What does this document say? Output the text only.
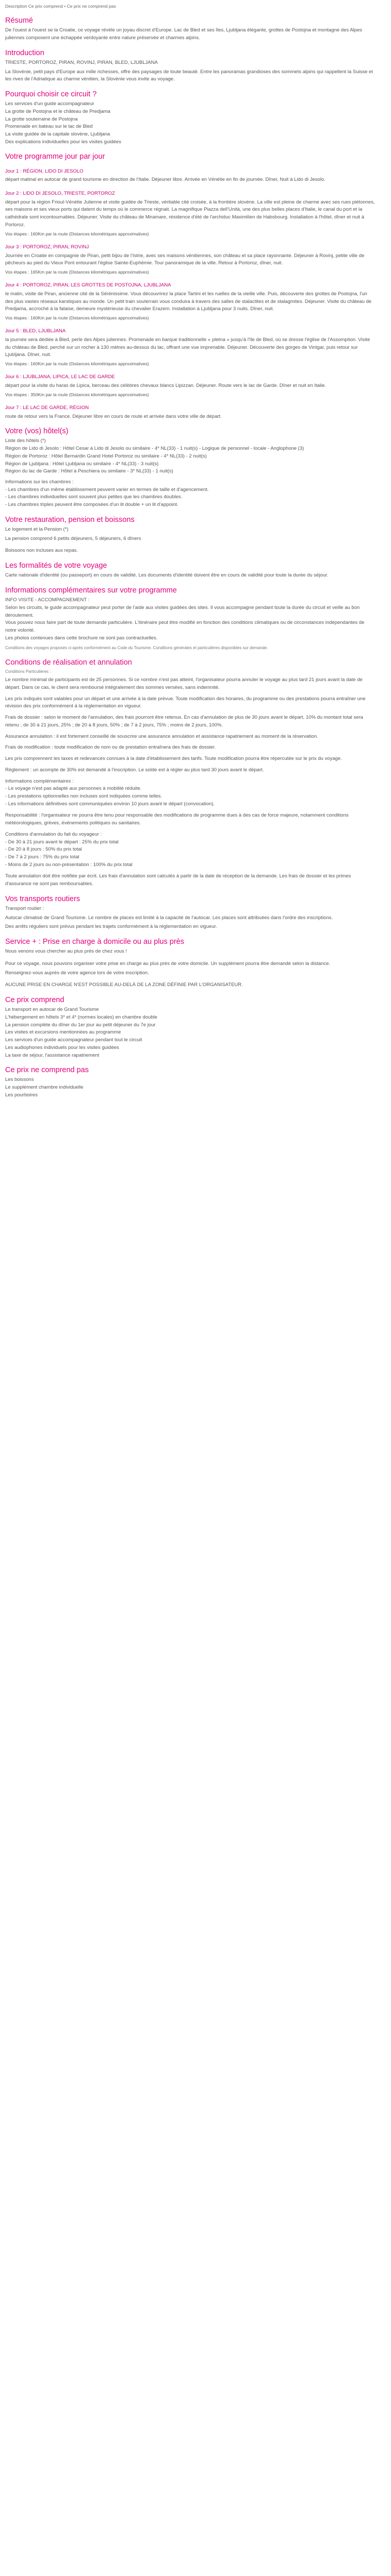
Description Ce prix comprend • Ce prix ne comprend pas
Résumé

De l'ouest à l'ouest se la Croatie, ce voyage révèle un joyau discret d'Europe. Lac de Bled et ses îles, Ljubljana élégante, grottes de Postojna et montagne des Alpes juliennes composent une échappée verdoyante entre nature préservée et charmes alpins.

Introduction

TRIESTE, PORTOROZ, PIRAN, ROVINJ, PIRAN, BLED, LJUBLJANA

La Slovénie, petit pays d'Europe aux mille richesses, offre des paysages de toute beauté. Entre les panoramas grandioses des sommets alpins qui rappellent la Suisse et les rives de l'Adriatique au charme vénitien, la Slovénie vous invite au voyage.

Pourquoi choisir ce circuit ?
Les services d'un guide accompagnateur
La grotte de Postojna et le château de Predjama
La grotte souterraine de Postojna
Promenade en bateau sur le lac de Bled
La visite guidée de la capitale slovène, Ljubljana
Des explications individuelles pour les visites guidées
Votre programme jour par jour
Jour 1 : RÉGION, LIDO DI JESOLO

départ matinal en autocar de grand tourisme en direction de l'Italie. Déjeuner libre. Arrivée en Vénétie en fin de journée. Dîner, Nuit à Lido di Jesolo.

Jour 2 : LIDO DI JESOLO, TRIESTE, PORTOROZ

départ pour la région Frioul-Vénétie Julienne et visite guidée de Trieste, véritable cité croisée, à la frontière slovène. La ville est pleine de charme avec ses rues piétonnes, ses maisons et ses vieux ports qui datent du temps où le commerce régnait. La magnifique Piazza dell'Unità, une des plus belles places d'Italie, le canal du port et la cathédrale sont incontournables. Déjeuner. Visite du château de Miramare, résidence d'été de l'archiduc Maximilien de Habsbourg. Installation à l'hôtel, dîner et nuit à Portoroz.

Vos étapes : 160Km par la route (Distances kilométriques approximatives)

Jour 3 : PORTOROZ, PIRAN, ROVINJ

Journée en Croatie en compagnie de Piran, petit bijou de l'Istrie, avec ses maisons vénitiennes, son château et sa place rayonnante. Déjeuner à Rovinj, petite ville de pêcheurs au pied du Vieux Pont entourant l'église Sainte-Euphémie. Tour panoramique de la ville. Retour à Portoroz, dîner, nuit.

Vos étapes : 165Km par la route (Distances kilométriques approximatives)

Jour 4 : PORTOROZ, PIRAN, LES GROTTES DE POSTOJNA, LJUBLJANA

le matin, visite de Piran, ancienne cité de la Sérénissime. Vous découvrirez la place Tartini et les ruelles de la vieille ville. Puis, découverte des grottes de Postojna, l'un des plus vastes réseaux karstiques au monde. Un petit train souterrain vous conduira à travers des salles de stalactites et de stalagmites. Déjeuner. Visite du château de Predjama, accroché à la falaise, demeure mystérieuse du chevalier Erazem. Installation à Ljubljana pour 3 nuits. Dîner, nuit.

Vos étapes : 160Km par la route (Distances kilométriques approximatives)

Jour 5 : BLED, LJUBLJANA

la journée sera dédiée à Bled, perle des Alpes juliennes. Promenade en barque traditionnelle « pletna » jusqu'à l'île de Bled, où se dresse l'église de l'Assomption. Visite du château de Bled, perché sur un rocher à 130 mètres au-dessus du lac, offrant une vue imprenable. Déjeuner. Découverte des gorges de Vintgar, puis retour sur Ljubljana. Dîner, nuit.

Vos étapes : 160Km par la route (Distances kilométriques approximatives)

Jour 6 : LJUBLJANA, LIPICA, LE LAC DE GARDE

départ pour la visite du haras de Lipica, berceau des célèbres chevaux blancs Lipizzan. Déjeuner. Route vers le lac de Garde. Dîner et nuit en Italie.

Vos étapes : 350Km par la route (Distances kilométriques approximatives)

Jour 7 : LE LAC DE GARDE, RÉGION

route de retour vers la France. Déjeuner libre en cours de route et arrivée dans votre ville de départ.

Votre (vos) hôtel(s)
Liste des hôtels (*)
Région de Lido di Jesolo : Hôtel Cesar à Lido di Jesolo ou similaire - 4* NL(33) - 1 nuit(s) - Logique de personnel - locale - Anglophone (3)
Région de Portoroz : Hôtel Bernardin Grand Hotel Portoroz ou similaire - 4* NL(33) - 2 nuit(s)
Région de Ljubljana : Hôtel Ljubljana ou similaire - 4* NL(33) - 3 nuit(s)
Région du lac de Garde : Hôtel à Peschiera ou similaire - 3* NL(33) - 1 nuit(s)
Informations sur les chambres :
- Les chambres d'un même établissement peuvent varier en termes de taille et d'agencement.
- Les chambres individuelles sont souvent plus petites que les chambres doubles.
- Les chambres triples peuvent être composées d'un lit double + un lit d'appoint.
Votre restauration, pension et boissons

Le logement et la Pension (*)

La pension comprend 6 petits déjeuners, 5 déjeuners, 6 dîners

Boissons non incluses aux repas.

Les formalités de votre voyage

Carte nationale d'identité (ou passeport) en cours de validité. Les documents d'identité doivent être en cours de validité pour toute la durée du séjour.

Informations complémentaires sur votre programme
INFO VISITE - ACCOMPAGNEMENT :
Selon les circuits, le guide accompagnateur peut porter de l'aide aux visites guidées des sites. Il vous accompagne pendant toute la durée du circuit et veille au bon déroulement.
Vous pouvez nous faire part de toute demande particulière. L'itinéraire peut être modifié en fonction des conditions climatiques ou de circonstances indépendantes de notre volonté.
Les photos contenues dans cette brochure ne sont pas contractuelles.

Conditions des voyages proposés ci-après conformément au Code du Tourisme. Conditions générales et particulières disponibles sur demande.

Conditions de réalisation et annulation

Conditions Particulières :

Le nombre minimal de participants est de 25 personnes. Si ce nombre n'est pas atteint, l'organisateur pourra annuler le voyage au plus tard 21 jours avant la date de départ. Dans ce cas, le client sera remboursé intégralement des sommes versées, sans indemnité.

Les prix indiqués sont valables pour un départ et une arrivée à la date prévue. Toute modification des horaires, du programme ou des prestations pourra entraîner une révision des prix conformément à la réglementation en vigueur.

Frais de dossier : selon le moment de l'annulation, des frais pourront être retenus. En cas d'annulation de plus de 30 jours avant le départ, 10% du montant total sera retenu ; de 30 à 21 jours, 25% ; de 20 à 8 jours, 50% ; de 7 à 2 jours, 75% ; moins de 2 jours, 100%.

Assurance annulation : il est fortement conseillé de souscrire une assurance annulation et assistance rapatriement au moment de la réservation.

Frais de modification : toute modification de nom ou de prestation entraînera des frais de dossier.

Les prix comprennent les taxes et redevances connues à la date d'établissement des tarifs. Toute modification pourra être répercutée sur le prix du voyage.

Règlement : un acompte de 30% est demandé à l'inscription. Le solde est à régler au plus tard 30 jours avant le départ.

Informations complémentaires :
- Le voyage n'est pas adapté aux personnes à mobilité réduite.
- Les prestations optionnelles non incluses sont indiquées comme telles.
- Les informations définitives sont communiquées environ 10 jours avant le départ (convocation).

Responsabilité : l'organisateur ne pourra être tenu pour responsable des modifications de programme dues à des cas de force majeure, notamment conditions météorologiques, grèves, événements politiques ou sanitaires.

Conditions d'annulation du fait du voyageur :
- De 30 à 21 jours avant le départ : 25% du prix total
- De 20 à 8 jours : 50% du prix total
- De 7 à 2 jours : 75% du prix total
- Moins de 2 jours ou non-présentation : 100% du prix total

Toute annulation doit être notifiée par écrit. Les frais d'annulation sont calculés à partir de la date de réception de la demande. Les frais de dossier et les primes d'assurance ne sont pas remboursables.

Vos transports routiers

Transport routier :

Autocar climatisé de Grand Tourisme. Le nombre de places est limité à la capacité de l'autocar. Les places sont attribuées dans l'ordre des inscriptions.

Des arrêts réguliers sont prévus pendant les trajets conformément à la réglementation en vigueur.

Service + : Prise en charge à domicile ou au plus près

Nous venons vous chercher au plus près de chez vous !

Pour ce voyage, nous pouvons organiser votre prise en charge au plus près de votre domicile. Un supplément pourra être demandé selon la distance.

Renseignez-vous auprès de votre agence lors de votre inscription.

AUCUNE PRISE EN CHARGE N'EST POSSIBLE AU-DELÀ DE LA ZONE DÉFINIE PAR L'ORGANISATEUR.

Ce prix comprend
Le transport en autocar de Grand Tourisme
L'hébergement en hôtels 3* et 4* (normes locales) en chambre double
La pension complète du dîner du 1er jour au petit déjeuner du 7e jour
Les visites et excursions mentionnées au programme
Les services d'un guide accompagnateur pendant tout le circuit
Les audiophones individuels pour les visites guidées
La taxe de séjour, l'assistance rapatriement
Ce prix ne comprend pas
Les boissons
Le supplément chambre individuelle
Les pourboires
